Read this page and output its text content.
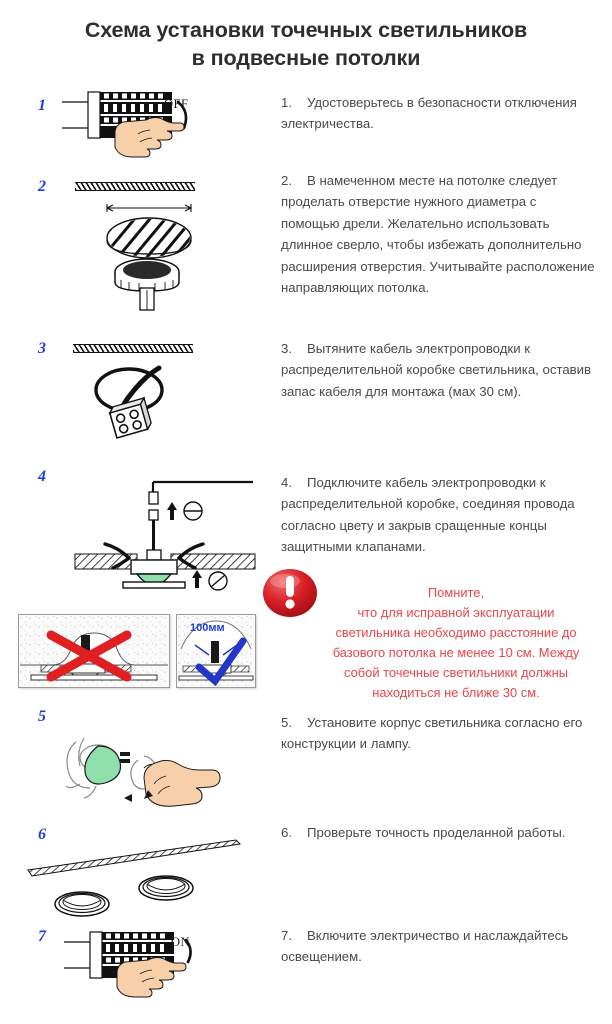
Схема установки точечных светильников
в подвесные потолки
1	OFF	1. Удостоверьтесь в безопасности отключения электричества.
2	2. В намеченном месте на потолке следует проделать отверстие нужного диаметра с помощью дрели. Желательно использовать длинное сверло, чтобы избежать дополнительно расширения отверстия. Учитывайте расположение направляющих потолка.
3	3. Вытяните кабель электропроводки к распределительной коробке светильника, оставив запас кабеля для монтажа (мах 30 см).
4	4. Подключите кабель электропроводки к распределительной коробке, соединяя провода согласно цвету и закрыв сращенные концы защитными клапанами.
Помните,
что для исправной эксплуатации
светильника необходимо расстояние до
базового потолка не менее 10 см. Между
собой точечные светильники должны
находиться не ближе 30 см.
100мм
5	5. Установите корпус светильника согласно его конструкции и лампу.
6	6. Проверьте точность проделанной работы.
7	ON	7. Включите электричество и наслаждайтесь освещением.
